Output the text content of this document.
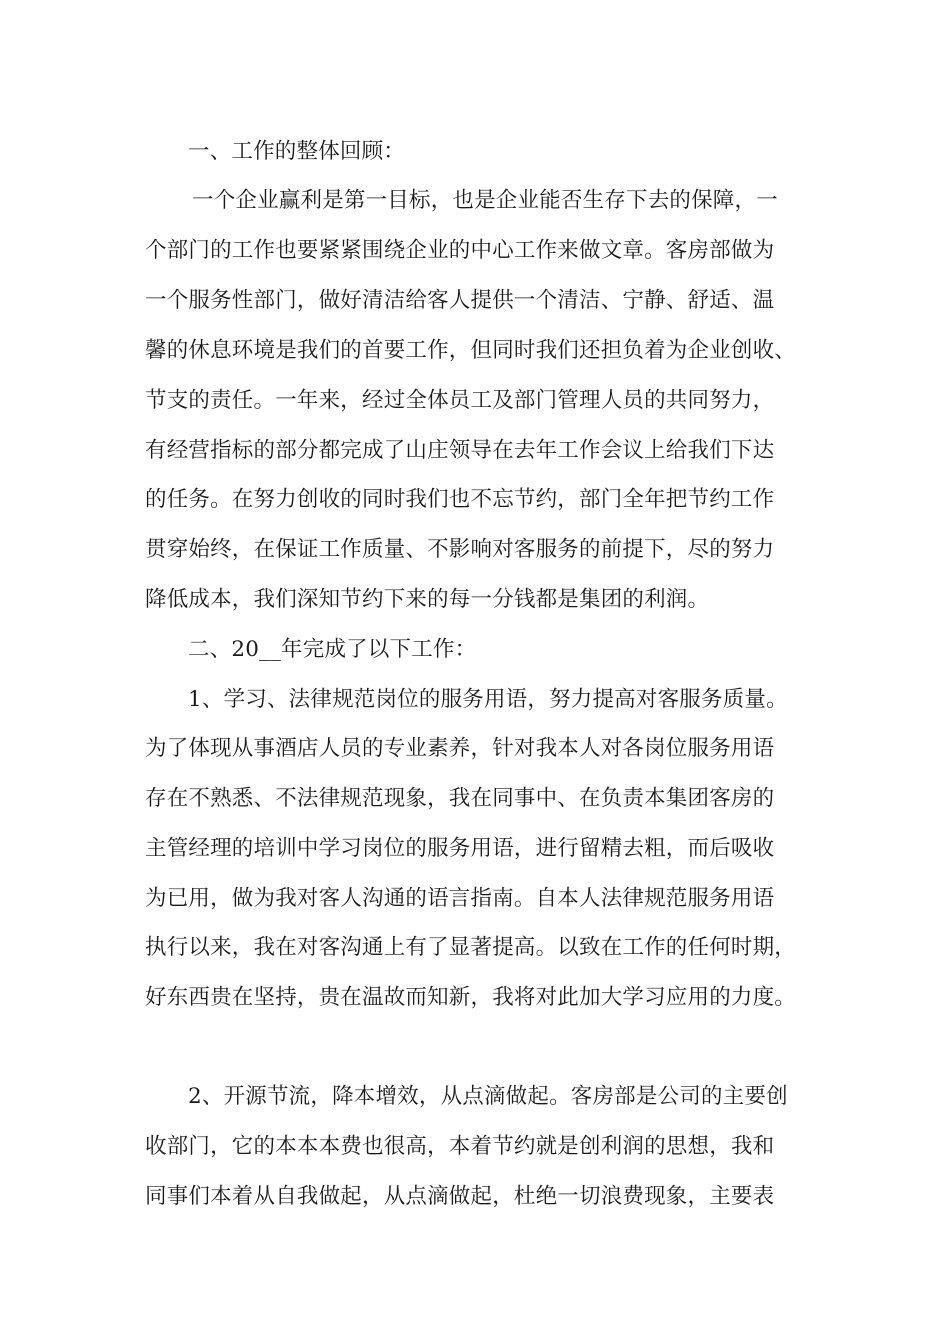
一、工作的整体回顾：
一个企业赢利是第一目标，也是企业能否生存下去的保障，一
个部门的工作也要紧紧围绕企业的中心工作来做文章。客房部做为
一个服务性部门，做好清洁给客人提供一个清洁、宁静、舒适、温
馨的休息环境是我们的首要工作，但同时我们还担负着为企业创收、
节支的责任。一年来，经过全体员工及部门管理人员的共同努力，
有经营指标的部分都完成了山庄领导在去年工作会议上给我们下达
的任务。在努力创收的同时我们也不忘节约，部门全年把节约工作
贯穿始终，在保证工作质量、不影响对客服务的前提下，尽的努力
降低成本，我们深知节约下来的每一分钱都是集团的利润。
二、20__年完成了以下工作：
1、学习、法律规范岗位的服务用语，努力提高对客服务质量。
为了体现从事酒店人员的专业素养，针对我本人对各岗位服务用语
存在不熟悉、不法律规范现象，我在同事中、在负责本集团客房的
主管经理的培训中学习岗位的服务用语，进行留精去粗，而后吸收
为已用，做为我对客人沟通的语言指南。自本人法律规范服务用语
执行以来，我在对客沟通上有了显著提高。以致在工作的任何时期，
好东西贵在坚持，贵在温故而知新，我将对此加大学习应用的力度。
2、开源节流，降本增效，从点滴做起。客房部是公司的主要创
收部门，它的本本本费也很高，本着节约就是创利润的思想，我和
同事们本着从自我做起，从点滴做起，杜绝一切浪费现象，主要表
